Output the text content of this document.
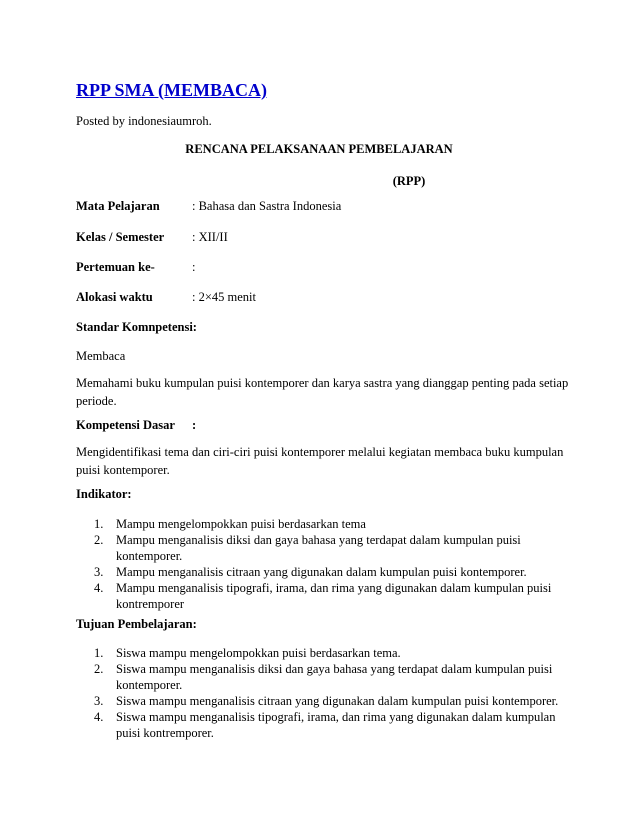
RPP SMA (MEMBACA)
Posted by indonesiaumroh.
RENCANA PELAKSANAAN PEMBELAJARAN
(RPP)
Mata Pelajaran	: Bahasa dan Sastra Indonesia
Kelas / Semester : XII/II
Pertemuan ke-	:
Alokasi waktu	: 2×45 menit
Standar Komnpetensi:
Membaca
Memahami buku kumpulan puisi kontemporer dan karya sastra yang dianggap penting pada setiap periode.
Kompetensi Dasar :
Mengidentifikasi tema dan ciri-ciri puisi kontemporer melalui kegiatan membaca buku kumpulan puisi kontemporer.
Indikator:
1.	Mampu mengelompokkan puisi berdasarkan tema
2.	Mampu menganalisis diksi dan gaya bahasa yang terdapat dalam kumpulan puisi kontemporer.
3.	Mampu menganalisis citraan yang digunakan dalam kumpulan puisi kontemporer.
4.	Mampu menganalisis tipografi, irama, dan rima yang digunakan dalam kumpulan puisi kontremporer
Tujuan Pembelajaran:
1.	Siswa mampu mengelompokkan puisi berdasarkan tema.
2.	Siswa mampu menganalisis diksi dan gaya bahasa yang terdapat dalam kumpulan puisi kontemporer.
3.	Siswa mampu menganalisis citraan yang digunakan dalam kumpulan puisi kontemporer.
4.	Siswa mampu menganalisis tipografi, irama, dan rima yang digunakan dalam kumpulan puisi kontremporer.
